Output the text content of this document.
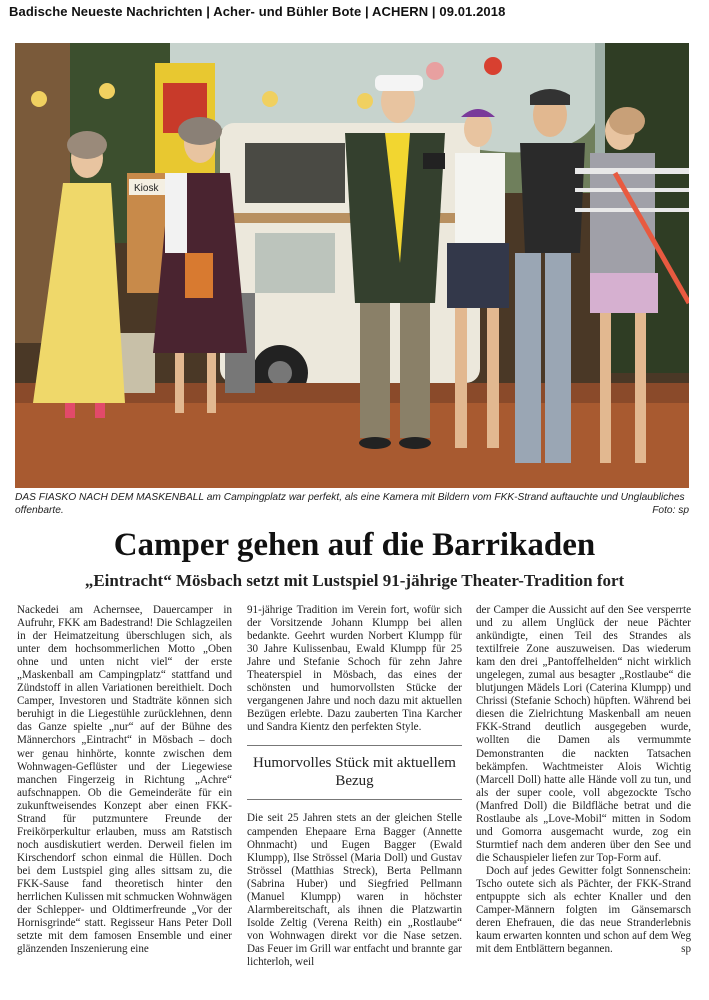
Badische Neueste Nachrichten | Acher- und Bühler Bote | ACHERN | 09.01.2018
Kiosk
DAS FIASKO NACH DEM MASKENBALL am Campingplatz war perfekt, als eine Kamera mit Bildern vom FKK-Strand auftauchte und Unglaubliches offenbarte.	Foto: sp
Camper gehen auf die Barrikaden
„Eintracht“ Mösbach setzt mit Lustspiel 91-jährige Theater-Tradition fort

Nackedei am Achernsee, Dauercamper in Aufruhr, FKK am Badestrand! Die Schlagzeilen in der Heimatzeitung überschlugen sich, als unter dem hochsommerlichen Motto „Oben ohne und unten nicht viel“ der erste „Maskenball am Campingplatz“ stattfand und Zündstoff in allen Variationen bereithielt. Doch Camper, Investoren und Stadträte können sich beruhigt in die Liegestühle zurücklehnen, denn das Ganze spielte „nur“ auf der Bühne des Männerchors „Eintracht“ in Mösbach – doch wer genau hinhörte, konnte zwischen dem Wohnwagen-Geflüster und der Liegewiese manchen Fingerzeig in Richtung „Achre“ aufschnappen. Ob die Gemeinderäte für ein zukunftweisendes Konzept aber einen FKK-Strand für putzmuntere Freunde der Freikörperkultur erlauben, muss am Ratstisch noch ausdiskutiert werden. Derweil fielen im Kirschendorf schon einmal die Hüllen. Doch bei dem Lustspiel ging alles sittsam zu, die FKK-Sause fand theoretisch hinter den herrlichen Kulissen mit schmucken Wohnwägen der Schlepper- und Oldtimerfreunde „Vor der Hornisgrinde“ statt. Regisseur Hans Peter Doll setzte mit dem famosen Ensemble und einer glänzenden Inszenierung eine

91-jährige Tradition im Verein fort, wofür sich der Vorsitzende Johann Klumpp bei allen bedankte. Geehrt wurden Norbert Klumpp für 30 Jahre Kulissenbau, Ewald Klumpp für 25 Jahre und Stefanie Schoch für zehn Jahre Theaterspiel in Mösbach, das eines der schönsten und humorvollsten Stücke der vergangenen Jahre und noch dazu mit aktuellen Bezügen erlebte. Dazu zauberten Tina Karcher und Sandra Kientz den perfekten Style.

Humorvolles Stück mit aktuellem Bezug

Die seit 25 Jahren stets an der gleichen Stelle campenden Ehepaare Erna Bagger (Annette Ohnmacht) und Eugen Bagger (Ewald Klumpp), Ilse Strössel (Maria Doll) und Gustav Strössel (Matthias Streck), Berta Pellmann (Sabrina Huber) und Siegfried Pellmann (Manuel Klumpp) waren in höchster Alarmbereitschaft, als ihnen die Platzwartin Isolde Zeltig (Verena Reith) ein „Rostlaube“ von Wohnwagen direkt vor die Nase setzen. Das Feuer im Grill war entfacht und brannte gar lichterloh, weil

der Camper die Aussicht auf den See versperrte und zu allem Unglück der neue Pächter ankündigte, einen Teil des Strandes als textilfreie Zone auszuweisen. Das wiederum kam den drei „Pantoffelhelden“ nicht wirklich ungelegen, zumal aus besagter „Rostlaube“ die blutjungen Mädels Lori (Caterina Klumpp) und Chrissi (Stefanie Schoch) hüpften. Während bei diesen die Zielrichtung Maskenball am neuen FKK-Strand deutlich ausgegeben wurde, wollten die Damen als vermummte Demonstranten die nackten Tatsachen bekämpfen. Wachtmeister Alois Wichtig (Marcell Doll) hatte alle Hände voll zu tun, und als der super coole, voll abgezockte Tscho (Manfred Doll) die Bildfläche betrat und die Rostlaube als „Love-Mobil“ mitten in Sodom und Gomorra ausgemacht wurde, zog ein Sturmtief nach dem anderen über den See und die Schauspieler liefen zur Top-Form auf.

Doch auf jedes Gewitter folgt Sonnenschein: Tscho outete sich als Pächter, der FKK-Strand entpuppte sich als echter Knaller und den Camper-Männern folgten im Gänsemarsch deren Ehefrauen, die das neue Stranderlebnis kaum erwarten konnten und schon auf dem Weg mit dem Entblättern begannen.	sp
